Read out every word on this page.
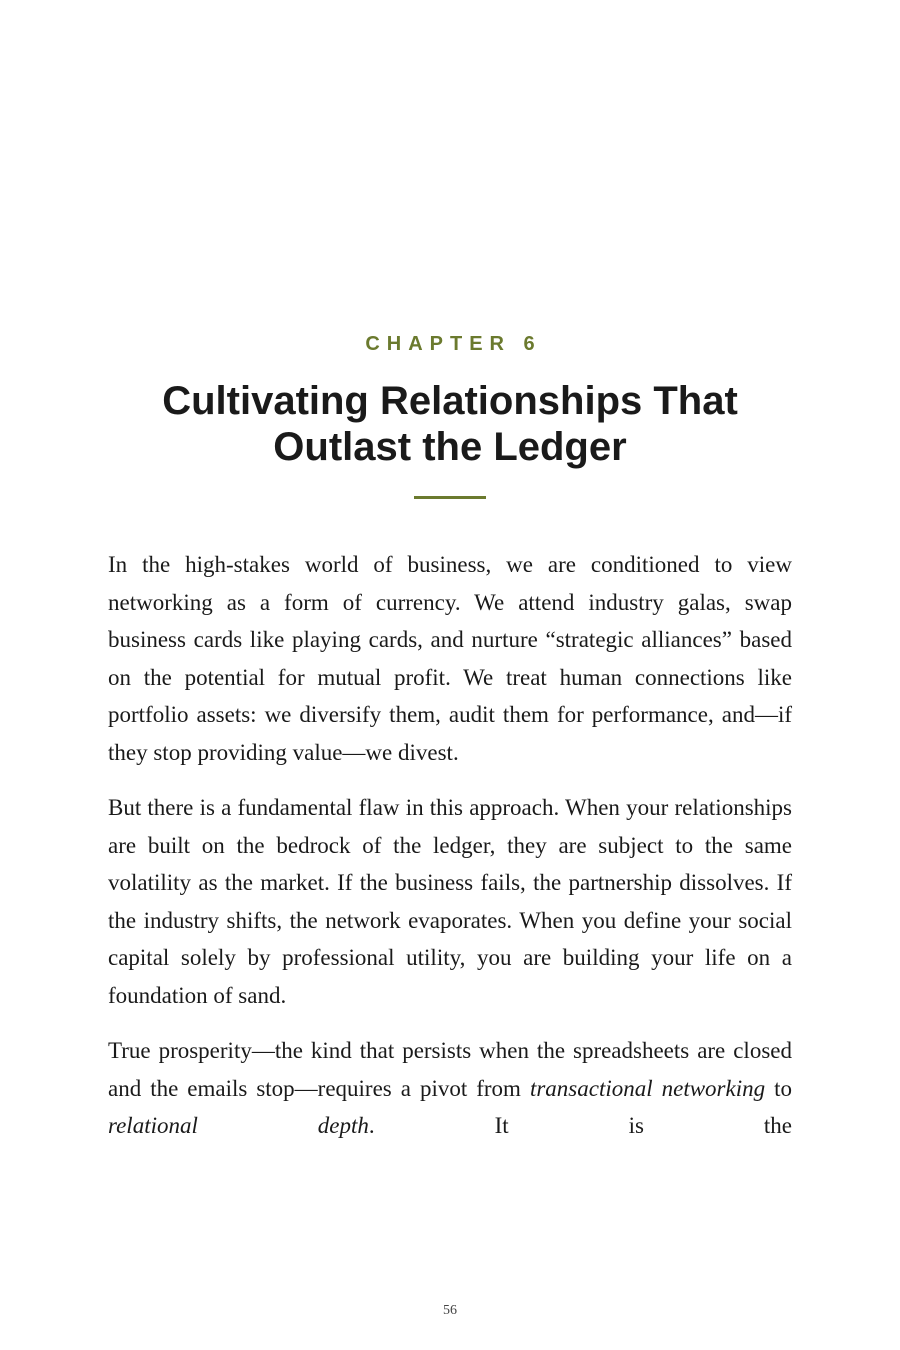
CHAPTER 6
Cultivating Relationships That
Outlast the Ledger

In the high-stakes world of business, we are conditioned to view networking as a form of currency. We attend industry galas, swap business cards like playing cards, and nurture “strategic alliances” based on the potential for mutual profit. We treat human connections like portfolio assets: we diversify them, audit them for performance, and—if they stop providing value—we divest.

But there is a fundamental flaw in this approach. When your relationships are built on the bedrock of the ledger, they are subject to the same volatility as the market. If the business fails, the partnership dissolves. If the industry shifts, the network evaporates. When you define your social capital solely by professional utility, you are building your life on a foundation of sand.

True prosperity—the kind that persists when the spreadsheets are closed and the emails stop—requires a pivot from transactional networking to relational depth. It is the

56
